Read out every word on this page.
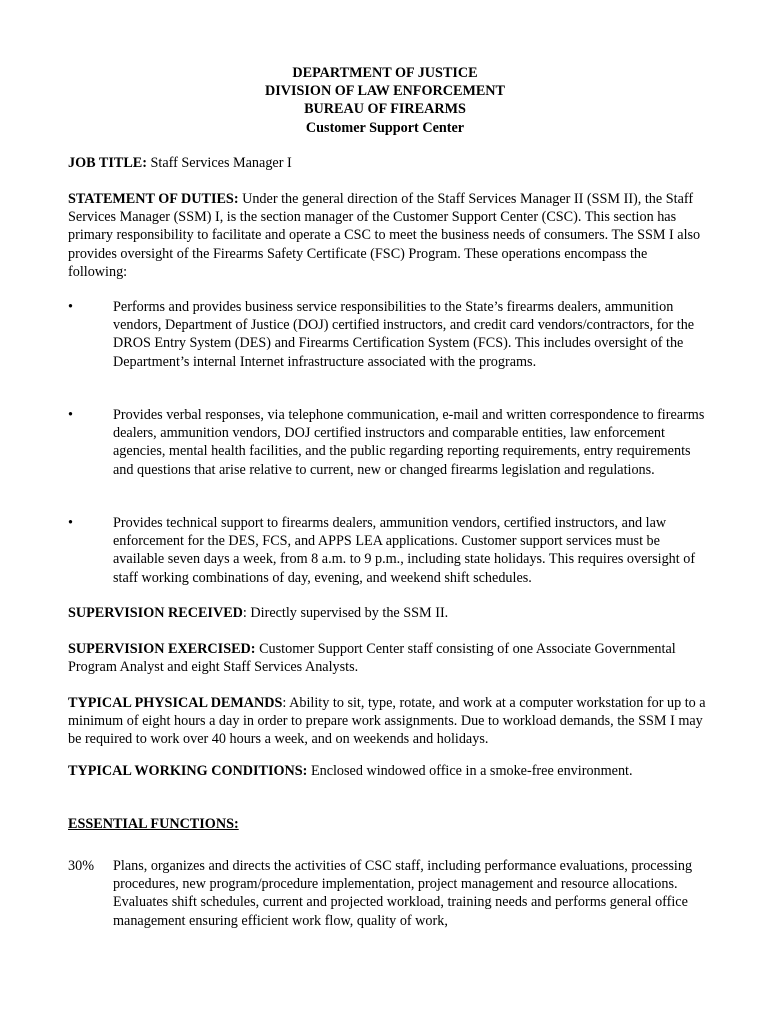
DEPARTMENT OF JUSTICE
DIVISION OF LAW ENFORCEMENT
BUREAU OF FIREARMS
Customer Support Center
JOB TITLE: Staff Services Manager I
STATEMENT OF DUTIES: Under the general direction of the Staff Services Manager II (SSM II), the Staff Services Manager (SSM) I, is the section manager of the Customer Support Center (CSC). This section has primary responsibility to facilitate and operate a CSC to meet the business needs of consumers. The SSM I also provides oversight of the Firearms Safety Certificate (FSC) Program. These operations encompass the following:
•	Performs and provides business service responsibilities to the State’s firearms dealers, ammunition vendors, Department of Justice (DOJ) certified instructors, and credit card vendors/contractors, for the DROS Entry System (DES) and Firearms Certification System (FCS). This includes oversight of the Department’s internal Internet infrastructure associated with the programs.
•	Provides verbal responses, via telephone communication, e-mail and written correspondence to firearms dealers, ammunition vendors, DOJ certified instructors and comparable entities, law enforcement agencies, mental health facilities, and the public regarding reporting requirements, entry requirements and questions that arise relative to current, new or changed firearms legislation and regulations.
•	Provides technical support to firearms dealers, ammunition vendors, certified instructors, and law enforcement for the DES, FCS, and APPS LEA applications. Customer support services must be available seven days a week, from 8 a.m. to 9 p.m., including state holidays. This requires oversight of staff working combinations of day, evening, and weekend shift schedules.
SUPERVISION RECEIVED: Directly supervised by the SSM II.
SUPERVISION EXERCISED: Customer Support Center staff consisting of one Associate Governmental Program Analyst and eight Staff Services Analysts.
TYPICAL PHYSICAL DEMANDS: Ability to sit, type, rotate, and work at a computer workstation for up to a minimum of eight hours a day in order to prepare work assignments. Due to workload demands, the SSM I may be required to work over 40 hours a week, and on weekends and holidays.
TYPICAL WORKING CONDITIONS: Enclosed windowed office in a smoke-free environment.
ESSENTIAL FUNCTIONS:
30% Plans, organizes and directs the activities of CSC staff, including performance evaluations, processing procedures, new program/procedure implementation, project management and resource allocations. Evaluates shift schedules, current and projected workload, training needs and performs general office management ensuring efficient work flow, quality of work,
